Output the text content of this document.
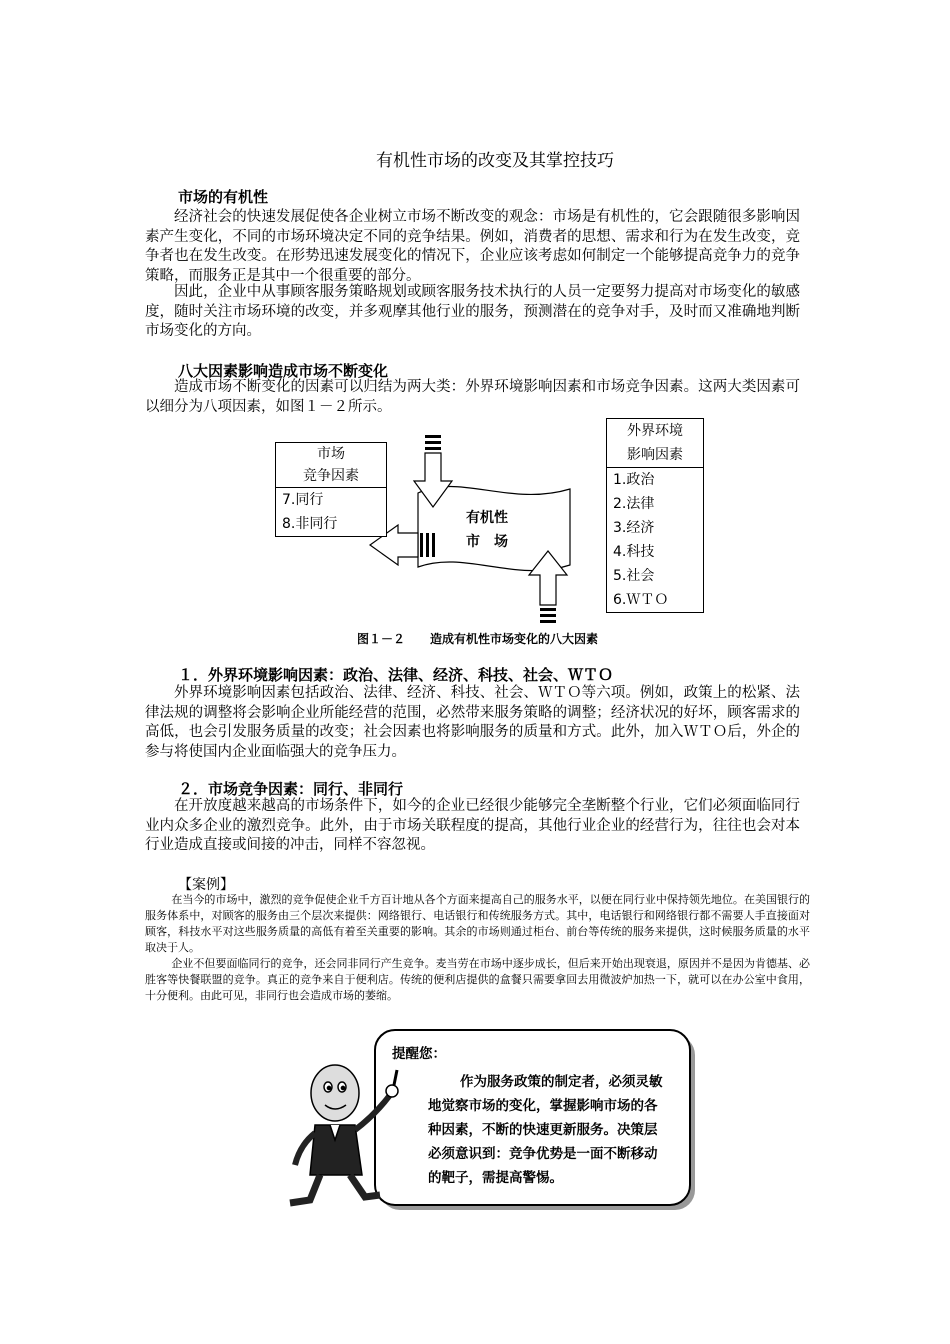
有机性市场的改变及其掌控技巧
市场的有机性
经济社会的快速发展促使各企业树立市场不断改变的观念：市场是有机性的，它会跟随很多影响因素产生变化，不同的市场环境决定不同的竞争结果。例如，消费者的思想、需求和行为在发生改变，竞争者也在发生改变。在形势迅速发展变化的情况下，企业应该考虑如何制定一个能够提高竞争力的竞争策略，而服务正是其中一个很重要的部分。
因此，企业中从事顾客服务策略规划或顾客服务技术执行的人员一定要努力提高对市场变化的敏感度，随时关注市场环境的改变，并多观摩其他行业的服务，预测潜在的竞争对手，及时而又准确地判断市场变化的方向。
八大因素影响造成市场不断变化
造成市场不断变化的因素可以归结为两大类：外界环境影响因素和市场竞争因素。这两大类因素可以细分为八项因素，如图１－２所示。
有机性
市　场
市场
竞争因素
7.同行
8.非同行
外界环境
影响因素
1.政治
2.法律
3.经济
4.科技
5.社会
6.ＷＴＯ
图１－２ 造成有机性市场变化的八大因素
１．外界环境影响因素：政治、法律、经济、科技、社会、ＷＴＯ
外界环境影响因素包括政治、法律、经济、科技、社会、ＷＴＯ等六项。例如，政策上的松紧、法律法规的调整将会影响企业所能经营的范围，必然带来服务策略的调整；经济状况的好坏，顾客需求的高低，也会引发服务质量的改变；社会因素也将影响服务的质量和方式。此外，加入ＷＴＯ后，外企的参与将使国内企业面临强大的竞争压力。
２．市场竞争因素：同行、非同行
在开放度越来越高的市场条件下，如今的企业已经很少能够完全垄断整个行业，它们必须面临同行业内众多企业的激烈竞争。此外，由于市场关联程度的提高，其他行业企业的经营行为，往往也会对本行业造成直接或间接的冲击，同样不容忽视。
【案例】
在当今的市场中，激烈的竞争促使企业千方百计地从各个方面来提高自己的服务水平，以便在同行业中保持领先地位。在美国银行的服务体系中，对顾客的服务由三个层次来提供：网络银行、电话银行和传统服务方式。其中，电话银行和网络银行都不需要人手直接面对顾客，科技水平对这些服务质量的高低有着至关重要的影响。其余的市场则通过柜台、前台等传统的服务来提供，这时候服务质量的水平取决于人。
企业不但要面临同行的竞争，还会同非同行产生竞争。麦当劳在市场中逐步成长，但后来开始出现衰退，原因并不是因为肯德基、必胜客等快餐联盟的竞争。真正的竞争来自于便利店。传统的便利店提供的盒餐只需要拿回去用微波炉加热一下，就可以在办公室中食用，十分便利。由此可见，非同行也会造成市场的萎缩。
提醒您：
作为服务政策的制定者，必须灵敏
地觉察市场的变化，掌握影响市场的各
种因素，不断的快速更新服务。决策层
必须意识到：竞争优势是一面不断移动
的靶子，需提高警惕。
